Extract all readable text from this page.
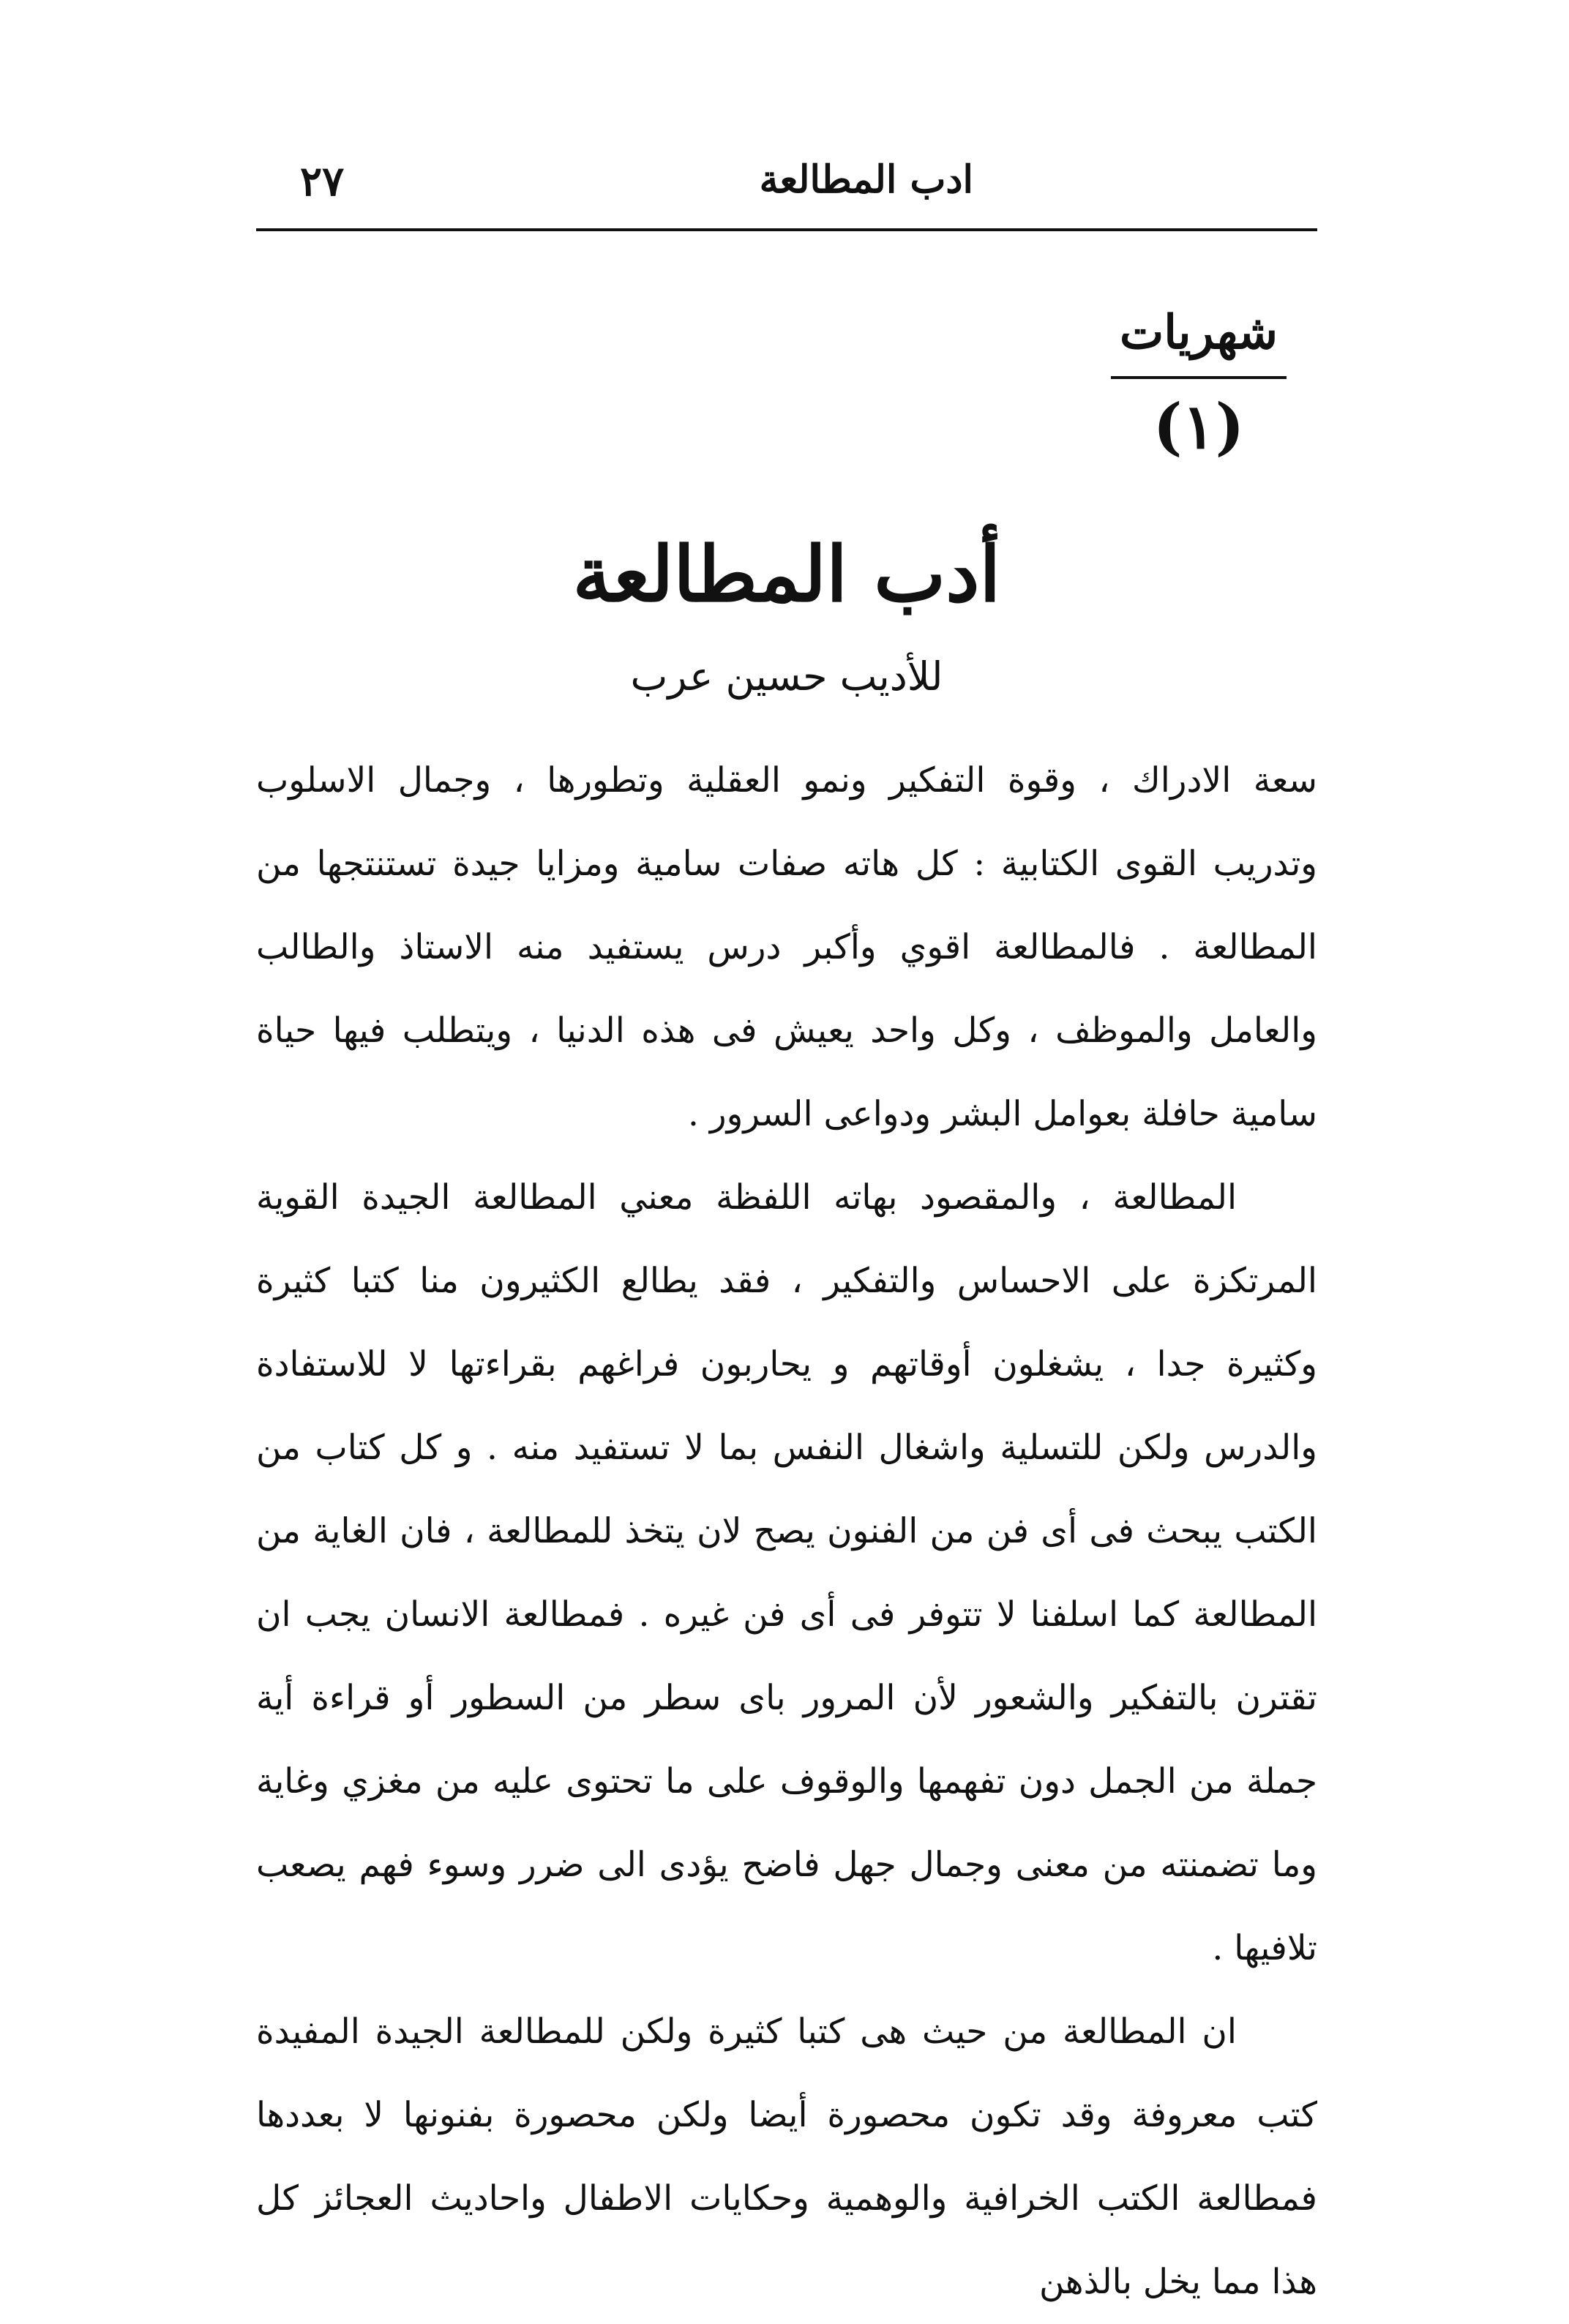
ادب المطالعة
٢٧
شهريات
(١)
أدب المطالعة
للأديب حسين عرب

سعة الادراك ، وقوة التفكير ونمو العقلية وتطورها ، وجمال الاسلوب وتدريب القوى الكتابية : كل هاته صفات سامية ومزايا جيدة تستنتجها من المطالعة . فالمطالعة اقوي وأكبر درس يستفيد منه الاستاذ والطالب والعامل والموظف ، وكل واحد يعيش فى هذه الدنيا ، ويتطلب فيها حياة سامية حافلة بعوامل البشر ودواعى السرور .

المطالعة ، والمقصود بهاته اللفظة معني المطالعة الجيدة القوية المرتكزة على الاحساس والتفكير ، فقد يطالع الكثيرون منا كتبا كثيرة وكثيرة جدا ، يشغلون أوقاتهم و يحاربون فراغهم بقراءتها لا للاستفادة والدرس ولكن للتسلية واشغال النفس بما لا تستفيد منه . و كل كتاب من الكتب يبحث فى أى فن من الفنون يصح لان يتخذ للمطالعة ، فان الغاية من المطالعة كما اسلفنا لا تتوفر فى أى فن غيره . فمطالعة الانسان يجب ان تقترن بالتفكير والشعور لأن المرور باى سطر من السطور أو قراءة أية جملة من الجمل دون تفهمها والوقوف على ما تحتوى عليه من مغزي وغاية وما تضمنته من معنى وجمال جهل فاضح يؤدى الى ضرر وسوء فهم يصعب تلافيها .

ان المطالعة من حيث هى كتبا كثيرة ولكن للمطالعة الجيدة المفيدة كتب معروفة وقد تكون محصورة أيضا ولكن محصورة بفنونها لا بعددها فمطالعة الكتب الخرافية والوهمية وحكايات الاطفال واحاديث العجائز كل هذا مما يخل بالذهن
